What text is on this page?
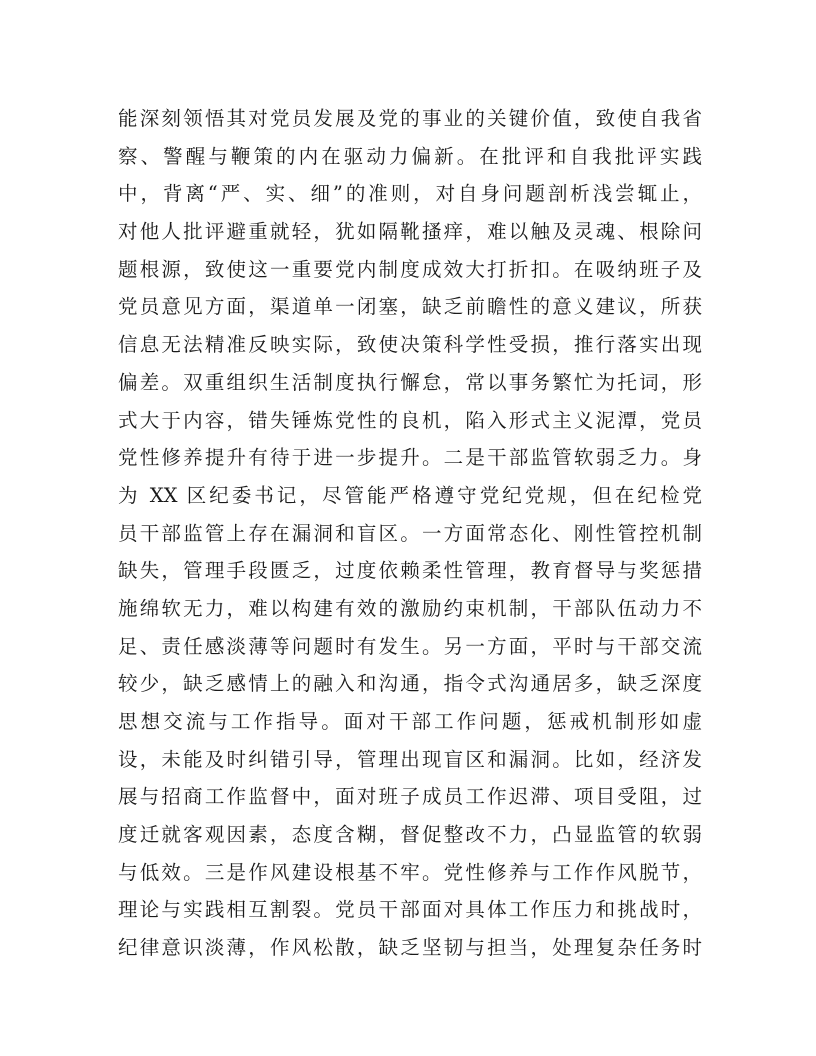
能深刻领悟其对党员发展及党的事业的关键价值，致使自我省
察、警醒与鞭策的内在驱动力偏新。在批评和自我批评实践
中，背离“严、实、细”的准则，对自身问题剖析浅尝辄止，
对他人批评避重就轻，犹如隔靴搔痒，难以触及灵魂、根除问
题根源，致使这一重要党内制度成效大打折扣。在吸纳班子及
党员意见方面，渠道单一闭塞，缺乏前瞻性的意义建议，所获
信息无法精准反映实际，致使决策科学性受损，推行落实出现
偏差。双重组织生活制度执行懈怠，常以事务繁忙为托词，形
式大于内容，错失锤炼党性的良机，陷入形式主义泥潭，党员
党性修养提升有待于进一步提升。二是干部监管软弱乏力。身
为 XX 区纪委书记，尽管能严格遵守党纪党规，但在纪检党
员干部监管上存在漏洞和盲区。一方面常态化、刚性管控机制
缺失，管理手段匮乏，过度依赖柔性管理，教育督导与奖惩措
施绵软无力，难以构建有效的激励约束机制，干部队伍动力不
足、责任感淡薄等问题时有发生。另一方面，平时与干部交流
较少，缺乏感情上的融入和沟通，指令式沟通居多，缺乏深度
思想交流与工作指导。面对干部工作问题，惩戒机制形如虚
设，未能及时纠错引导，管理出现盲区和漏洞。比如，经济发
展与招商工作监督中，面对班子成员工作迟滞、项目受阻，过
度迁就客观因素，态度含糊，督促整改不力，凸显监管的软弱
与低效。三是作风建设根基不牢。党性修养与工作作风脱节，
理论与实践相互割裂。党员干部面对具体工作压力和挑战时，
纪律意识淡薄，作风松散，缺乏坚韧与担当，处理复杂任务时
